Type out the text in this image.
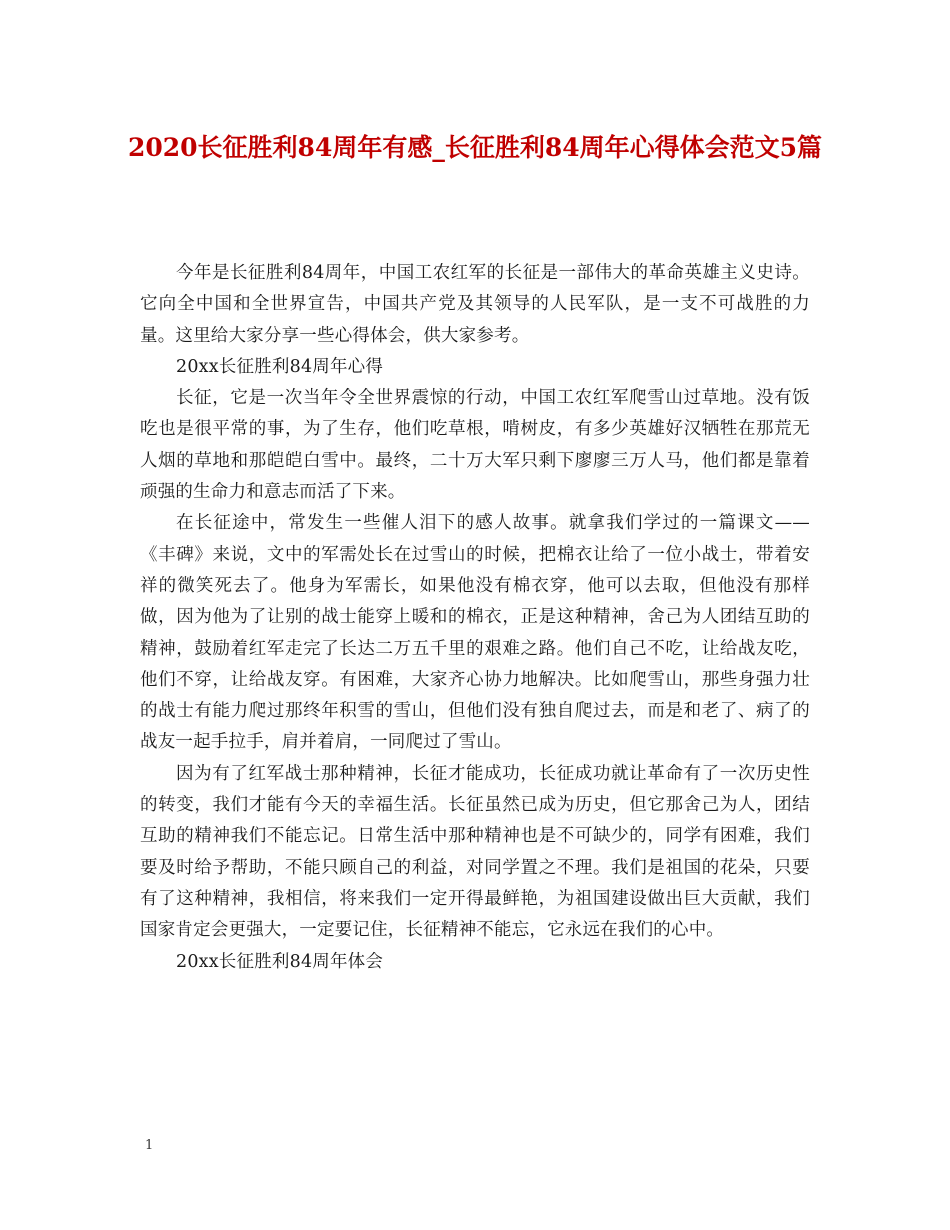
2020长征胜利84周年有感_长征胜利84周年心得体会范文5篇

今年是长征胜利84周年，中国工农红军的长征是一部伟大的革命英雄主义史诗。它向全中国和全世界宣告，中国共产党及其领导的人民军队，是一支不可战胜的力量。这里给大家分享一些心得体会，供大家参考。

20xx长征胜利84周年心得

长征，它是一次当年令全世界震惊的行动，中国工农红军爬雪山过草地。没有饭吃也是很平常的事，为了生存，他们吃草根，啃树皮，有多少英雄好汉牺牲在那荒无人烟的草地和那皑皑白雪中。最终，二十万大军只剩下廖廖三万人马，他们都是靠着顽强的生命力和意志而活了下来。

在长征途中，常发生一些催人泪下的感人故事。就拿我们学过的一篇课文——《丰碑》来说，文中的军需处长在过雪山的时候，把棉衣让给了一位小战士，带着安祥的微笑死去了。他身为军需长，如果他没有棉衣穿，他可以去取，但他没有那样做，因为他为了让别的战士能穿上暖和的棉衣，正是这种精神，舍己为人团结互助的精神，鼓励着红军走完了长达二万五千里的艰难之路。他们自己不吃，让给战友吃，他们不穿，让给战友穿。有困难，大家齐心协力地解决。比如爬雪山，那些身强力壮的战士有能力爬过那终年积雪的雪山，但他们没有独自爬过去，而是和老了、病了的战友一起手拉手，肩并着肩，一同爬过了雪山。

因为有了红军战士那种精神，长征才能成功，长征成功就让革命有了一次历史性的转变，我们才能有今天的幸福生活。长征虽然已成为历史，但它那舍己为人，团结互助的精神我们不能忘记。日常生活中那种精神也是不可缺少的，同学有困难，我们要及时给予帮助，不能只顾自己的利益，对同学置之不理。我们是祖国的花朵，只要有了这种精神，我相信，将来我们一定开得最鲜艳，为祖国建设做出巨大贡献，我们国家肯定会更强大，一定要记住，长征精神不能忘，它永远在我们的心中。

20xx长征胜利84周年体会

1
